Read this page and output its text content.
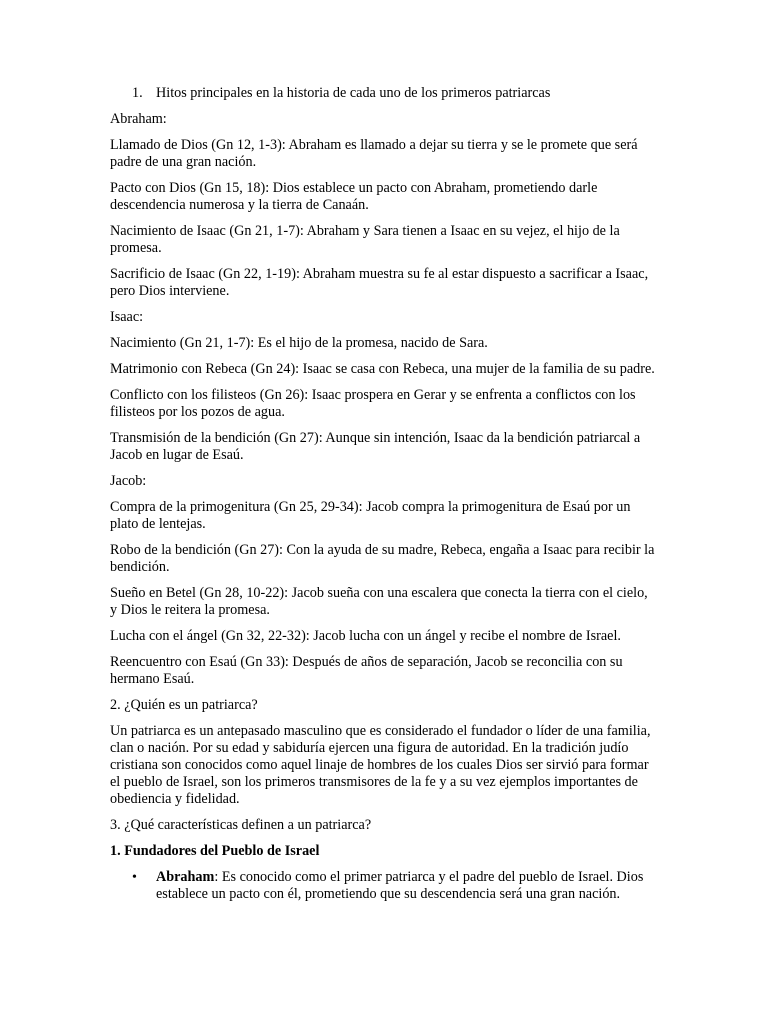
1. Hitos principales en la historia de cada uno de los primeros patriarcas

Abraham:

Llamado de Dios (Gn 12, 1-3): Abraham es llamado a dejar su tierra y se le promete que será padre de una gran nación.

Pacto con Dios (Gn 15, 18): Dios establece un pacto con Abraham, prometiendo darle descendencia numerosa y la tierra de Canaán.

Nacimiento de Isaac (Gn 21, 1-7): Abraham y Sara tienen a Isaac en su vejez, el hijo de la promesa.

Sacrificio de Isaac (Gn 22, 1-19): Abraham muestra su fe al estar dispuesto a sacrificar a Isaac, pero Dios interviene.

Isaac:

Nacimiento (Gn 21, 1-7): Es el hijo de la promesa, nacido de Sara.

Matrimonio con Rebeca (Gn 24): Isaac se casa con Rebeca, una mujer de la familia de su padre.

Conflicto con los filisteos (Gn 26): Isaac prospera en Gerar y se enfrenta a conflictos con los filisteos por los pozos de agua.

Transmisión de la bendición (Gn 27): Aunque sin intención, Isaac da la bendición patriarcal a Jacob en lugar de Esaú.

Jacob:

Compra de la primogenitura (Gn 25, 29-34): Jacob compra la primogenitura de Esaú por un plato de lentejas.

Robo de la bendición (Gn 27): Con la ayuda de su madre, Rebeca, engaña a Isaac para recibir la bendición.

Sueño en Betel (Gn 28, 10-22): Jacob sueña con una escalera que conecta la tierra con el cielo, y Dios le reitera la promesa.

Lucha con el ángel (Gn 32, 22-32): Jacob lucha con un ángel y recibe el nombre de Israel.

Reencuentro con Esaú (Gn 33): Después de años de separación, Jacob se reconcilia con su hermano Esaú.

2. ¿Quién es un patriarca?

Un patriarca es un antepasado masculino que es considerado el fundador o líder de una familia, clan o nación. Por su edad y sabiduría ejercen una figura de autoridad. En la tradición judío cristiana son conocidos como aquel linaje de hombres de los cuales Dios ser sirvió para formar el pueblo de Israel, son los primeros transmisores de la fe y a su vez ejemplos importantes de obediencia y fidelidad.

3. ¿Qué características definen a un patriarca?

1. Fundadores del Pueblo de Israel

• Abraham: Es conocido como el primer patriarca y el padre del pueblo de Israel. Dios establece un pacto con él, prometiendo que su descendencia será una gran nación.
